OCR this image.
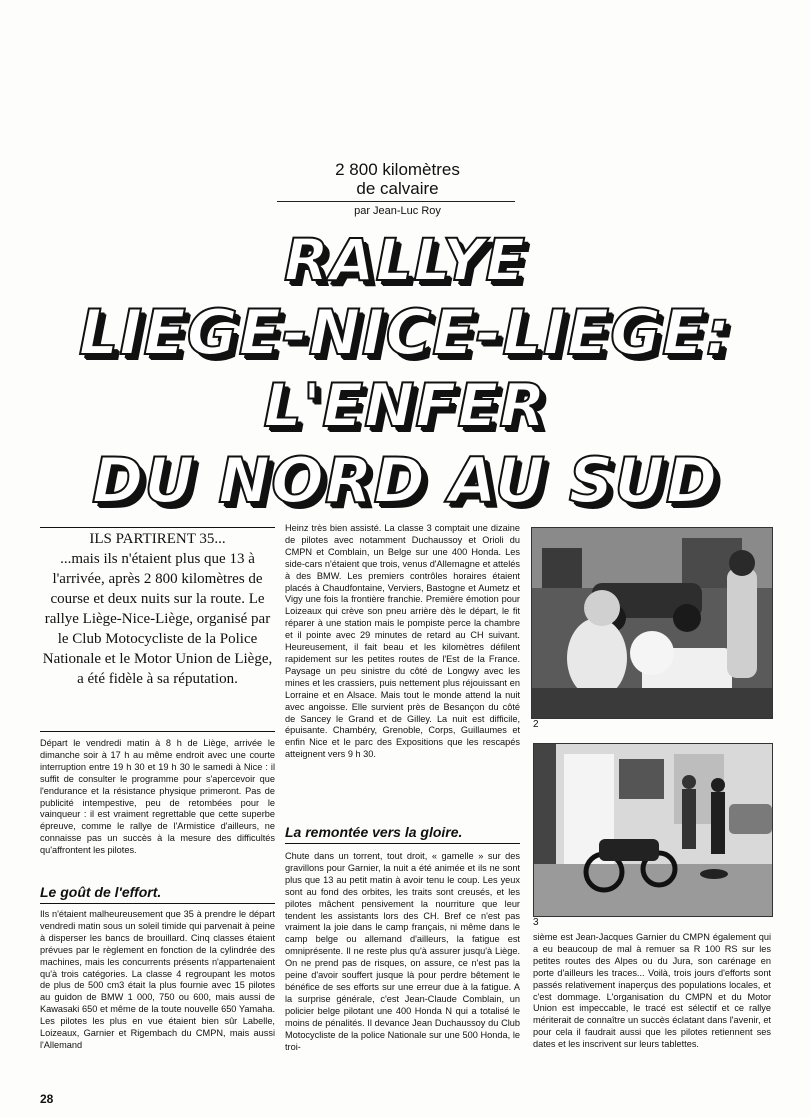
2 800 kilomètres
de calvaire
par Jean-Luc Roy
RALLYE
LIEGE-NICE-LIEGE:
L'ENFER
DU NORD AU SUD
ILS PARTIRENT 35...
...mais ils n'étaient plus que 13 à l'arrivée, après 2 800 kilomètres de course et deux nuits sur la route. Le rallye Liège-Nice-Liège, organisé par le Club Motocycliste de la Police Nationale et le Motor Union de Liège, a été fidèle à sa réputation.
Départ le vendredi matin à 8 h de Liège, arrivée le dimanche soir à 17 h au même endroit avec une courte interruption entre 19 h 30 et 19 h 30 le samedi à Nice : il suffit de consulter le programme pour s'apercevoir que l'endurance et la résistance physique primeront. Pas de publicité intempestive, peu de retombées pour le vainqueur : il est vraiment regrettable que cette superbe épreuve, comme le rallye de l'Armistice d'ailleurs, ne connaisse pas un succès à la mesure des difficultés qu'affrontent les pilotes.
Le goût de l'effort.
Ils n'étaient malheureusement que 35 à prendre le départ vendredi matin sous un soleil timide qui parvenait à peine à disperser les bancs de brouillard. Cinq classes étaient prévues par le règlement en fonction de la cylindrée des machines, mais les concurrents présents n'appartenaient qu'à trois catégories. La classe 4 regroupant les motos de plus de 500 cm3 était la plus fournie avec 15 pilotes au guidon de BMW 1 000, 750 ou 600, mais aussi de Kawasaki 650 et même de la toute nouvelle 650 Yamaha. Les pilotes les plus en vue étaient bien sûr Labelle, Loizeaux, Garnier et Rigembach du CMPN, mais aussi l'Allemand
Heinz très bien assisté. La classe 3 comptait une dizaine de pilotes avec notamment Duchaussoy et Orioli du CMPN et Comblain, un Belge sur une 400 Honda. Les side-cars n'étaient que trois, venus d'Allemagne et attelés à des BMW. Les premiers contrôles horaires étaient placés à Chaudfontaine, Verviers, Bastogne et Aumetz et Vigy une fois la frontière franchie. Première émotion pour Loizeaux qui crève son pneu arrière dès le départ, le fit réparer à une station mais le pompiste perce la chambre et il pointe avec 29 minutes de retard au CH suivant. Heureusement, il fait beau et les kilomètres défilent rapidement sur les petites routes de l'Est de la France. Paysage un peu sinistre du côté de Longwy avec les mines et les crassiers, puis nettement plus réjouissant en Lorraine et en Alsace. Mais tout le monde attend la nuit avec angoisse. Elle survient près de Besançon du côté de Sancey le Grand et de Gilley. La nuit est difficile, épuisante. Chambéry, Grenoble, Corps, Guillaumes et enfin Nice et le parc des Expositions que les rescapés atteignent vers 9 h 30.
La remontée vers la gloire.
Chute dans un torrent, tout droit, « gamelle » sur des gravillons pour Garnier, la nuit a été animée et ils ne sont plus que 13 au petit matin à avoir tenu le coup. Les yeux sont au fond des orbites, les traits sont creusés, et les pilotes mâchent pensivement la nourriture que leur tendent les assistants lors des CH. Bref ce n'est pas vraiment la joie dans le camp français, ni même dans le camp belge ou allemand d'ailleurs, la fatigue est omniprésente. Il ne reste plus qu'à assurer jusqu'à Liège. On ne prend pas de risques, on assure, ce n'est pas la peine d'avoir souffert jusque là pour perdre bêtement le bénéfice de ses efforts sur une erreur due à la fatigue. A la surprise générale, c'est Jean-Claude Comblain, un policier belge pilotant une 400 Honda N qui a totalisé le moins de pénalités. Il devance Jean Duchaussoy du Club Motocycliste de la police Nationale sur une 500 Honda, le troi-
2
3
sième est Jean-Jacques Garnier du CMPN également qui a eu beaucoup de mal à remuer sa R 100 RS sur les petites routes des Alpes ou du Jura, son carénage en porte d'ailleurs les traces... Voilà, trois jours d'efforts sont passés relativement inaperçus des populations locales, et c'est dommage. L'organisation du CMPN et du Motor Union est impeccable, le tracé est sélectif et ce rallye mériterait de connaître un succès éclatant dans l'avenir, et pour cela il faudrait aussi que les pilotes retiennent ses dates et les inscrivent sur leurs tablettes.
28
